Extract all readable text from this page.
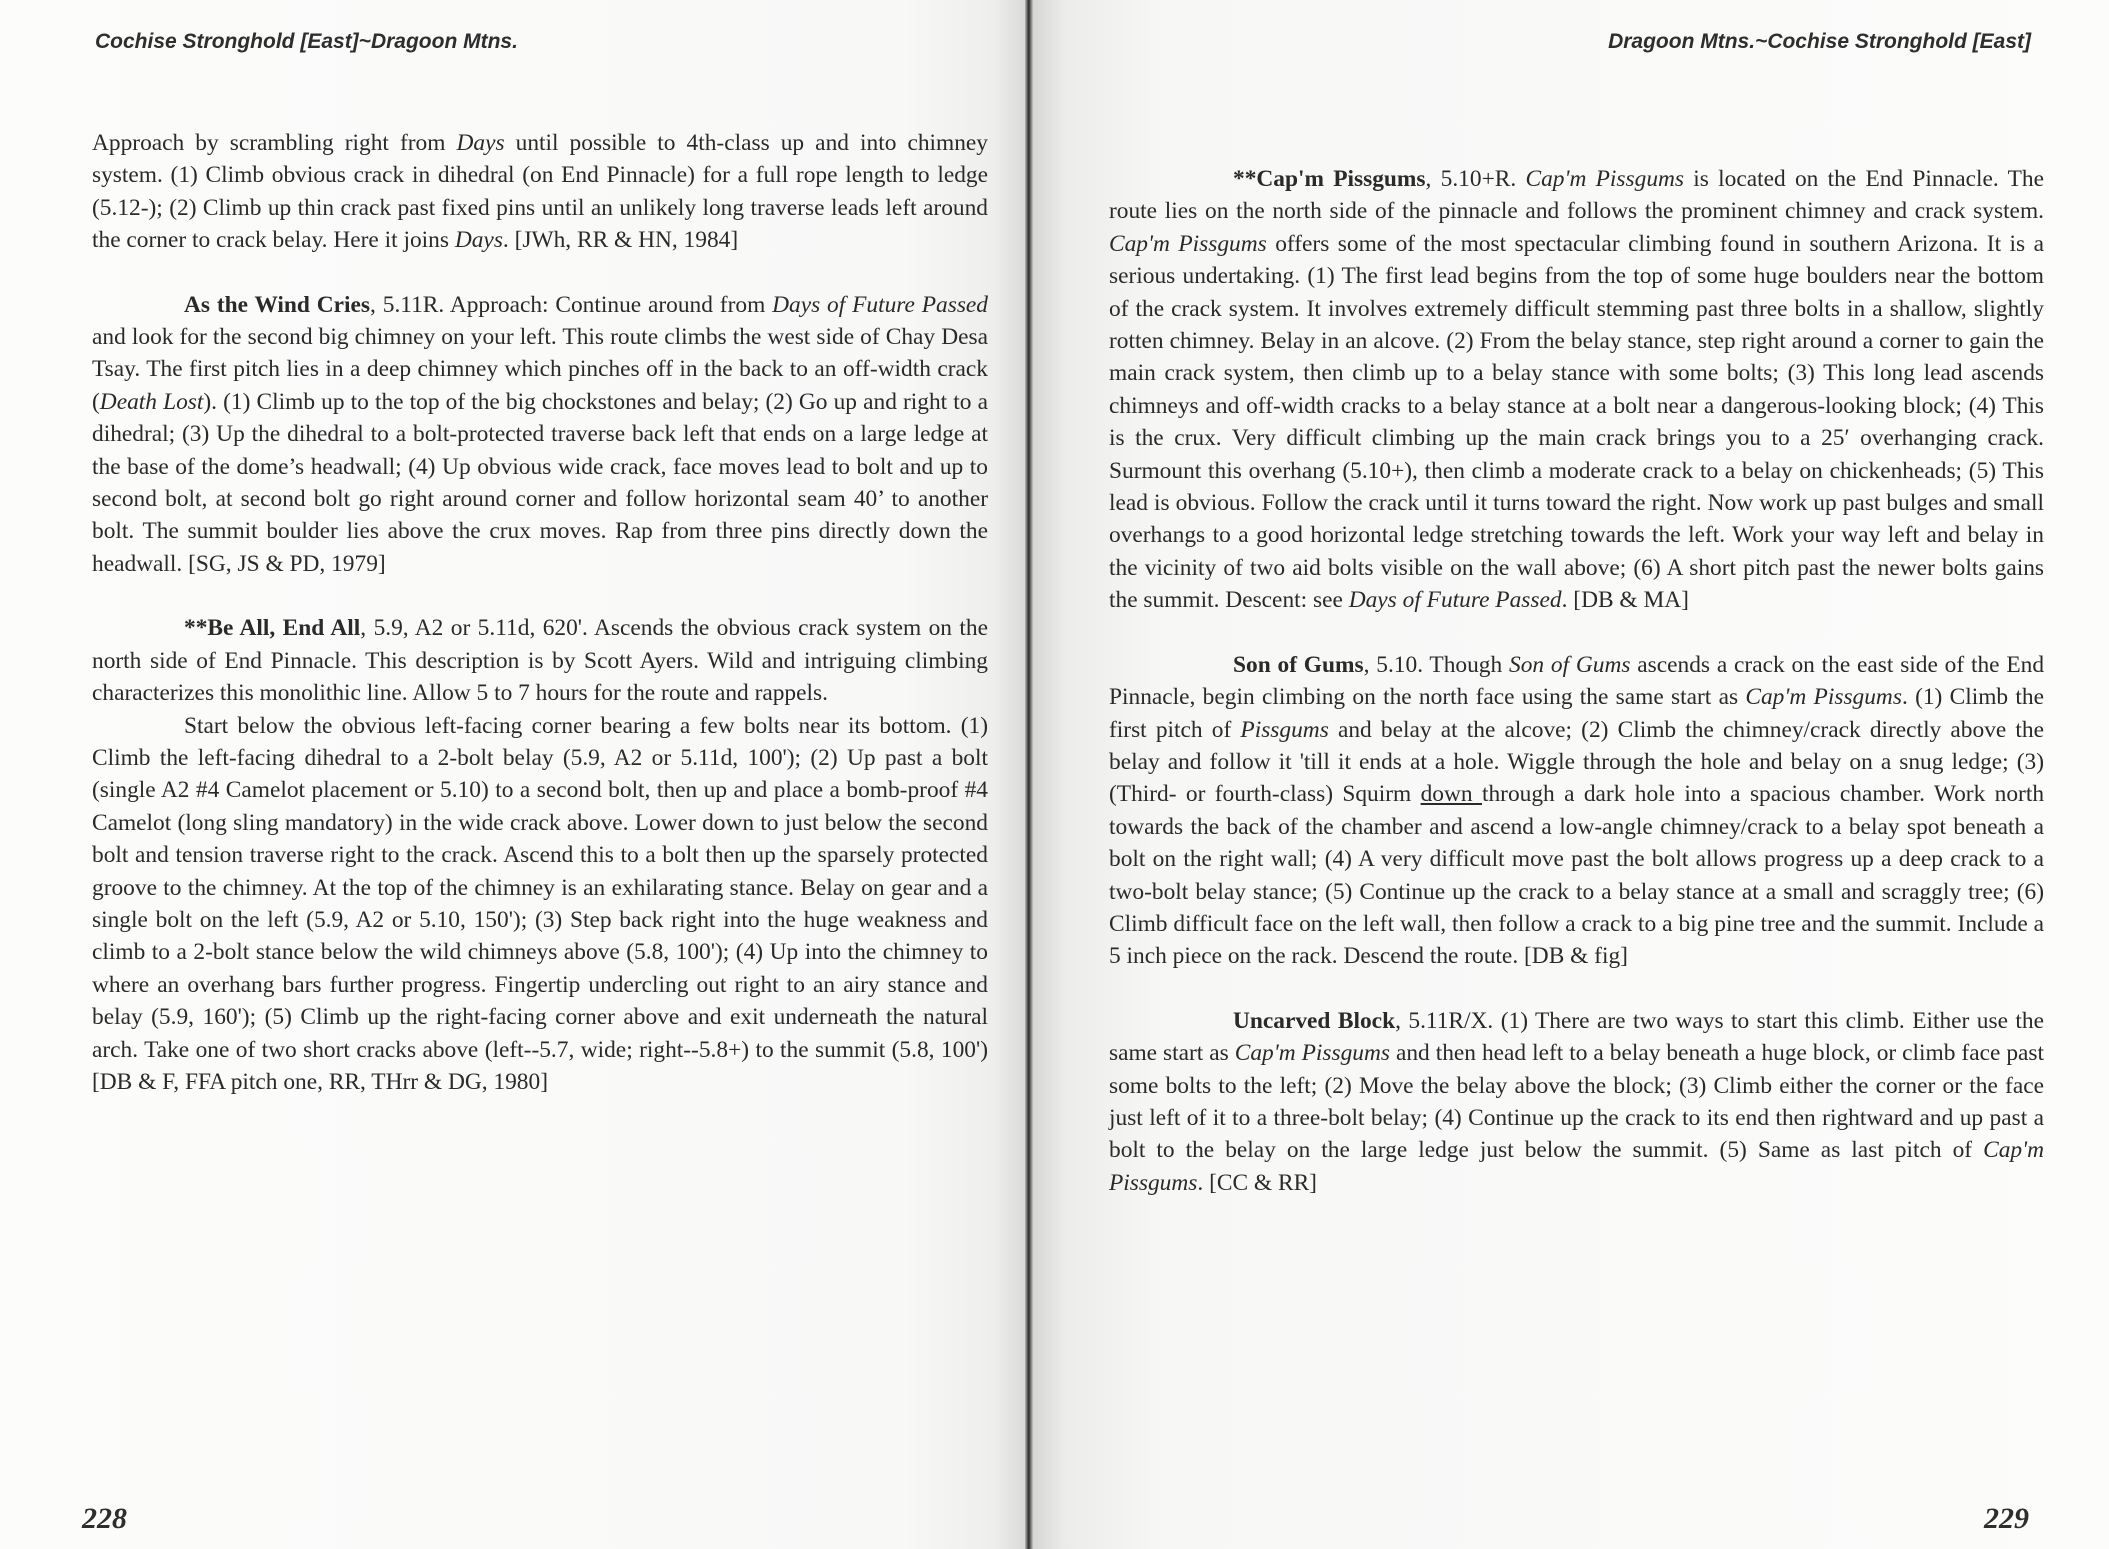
Cochise Stronghold [East]~Dragoon Mtns.

Approach by scrambling right from Days until possible to 4th-class up and into chimney system. (1) Climb obvious crack in dihedral (on End Pinnacle) for a full rope length to ledge (5.12-); (2) Climb up thin crack past fixed pins until an unlikely long traverse leads left around the corner to crack belay. Here it joins Days. [JWh, RR & HN, 1984]

As the Wind Cries, 5.11R. Approach: Continue around from Days of Future Passed and look for the second big chimney on your left. This route climbs the west side of Chay Desa Tsay. The first pitch lies in a deep chimney which pinches off in the back to an off-width crack (Death Lost). (1) Climb up to the top of the big chockstones and belay; (2) Go up and right to a dihedral; (3) Up the dihedral to a bolt-protected traverse back left that ends on a large ledge at the base of the dome’s headwall; (4) Up obvious wide crack, face moves lead to bolt and up to second bolt, at second bolt go right around corner and follow horizontal seam 40’ to another bolt. The summit boulder lies above the crux moves. Rap from three pins directly down the headwall. [SG, JS & PD, 1979]

**Be All, End All, 5.9, A2 or 5.11d, 620'. Ascends the obvious crack system on the north side of End Pinnacle. This description is by Scott Ayers. Wild and intriguing climbing characterizes this monolithic line. Allow 5 to 7 hours for the route and rappels.

Start below the obvious left-facing corner bearing a few bolts near its bottom. (1) Climb the left-facing dihedral to a 2-bolt belay (5.9, A2 or 5.11d, 100'); (2) Up past a bolt (single A2 #4 Camelot placement or 5.10) to a second bolt, then up and place a bomb-proof #4 Camelot (long sling mandatory) in the wide crack above. Lower down to just below the second bolt and tension traverse right to the crack. Ascend this to a bolt then up the sparsely protected groove to the chimney. At the top of the chimney is an exhilarating stance. Belay on gear and a single bolt on the left (5.9, A2 or 5.10, 150'); (3) Step back right into the huge weakness and climb to a 2-bolt stance below the wild chimneys above (5.8, 100'); (4) Up into the chimney to where an overhang bars further progress. Fingertip undercling out right to an airy stance and belay (5.9, 160'); (5) Climb up the right-facing corner above and exit underneath the natural arch. Take one of two short cracks above (left--5.7, wide; right--5.8+) to the summit (5.8, 100') [DB & F, FFA pitch one, RR, THrr & DG, 1980]

228
Dragoon Mtns.~Cochise Stronghold [East]

**Cap'm Pissgums, 5.10+R. Cap'm Pissgums is located on the End Pinnacle. The route lies on the north side of the pinnacle and follows the prominent chimney and crack system. Cap'm Pissgums offers some of the most spectacular climbing found in southern Arizona. It is a serious undertaking. (1) The first lead begins from the top of some huge boulders near the bottom of the crack system. It involves extremely difficult stemming past three bolts in a shallow, slightly rotten chimney. Belay in an alcove. (2) From the belay stance, step right around a corner to gain the main crack system, then climb up to a belay stance with some bolts; (3) This long lead ascends chimneys and off-width cracks to a belay stance at a bolt near a dangerous-looking block; (4) This is the crux. Very difficult climbing up the main crack brings you to a 25′ overhanging crack. Surmount this overhang (5.10+), then climb a moderate crack to a belay on chickenheads; (5) This lead is obvious. Follow the crack until it turns toward the right. Now work up past bulges and small overhangs to a good horizontal ledge stretching towards the left. Work your way left and belay in the vicinity of two aid bolts visible on the wall above; (6) A short pitch past the newer bolts gains the summit. Descent: see Days of Future Passed. [DB & MA]

Son of Gums, 5.10. Though Son of Gums ascends a crack on the east side of the End Pinnacle, begin climbing on the north face using the same start as Cap'm Pissgums. (1) Climb the first pitch of Pissgums and belay at the alcove; (2) Climb the chimney/crack directly above the belay and follow it 'till it ends at a hole. Wiggle through the hole and belay on a snug ledge; (3) (Third- or fourth-class) Squirm down through a dark hole into a spacious chamber. Work north towards the back of the chamber and ascend a low-angle chimney/crack to a belay spot beneath a bolt on the right wall; (4) A very difficult move past the bolt allows progress up a deep crack to a two-bolt belay stance; (5) Continue up the crack to a belay stance at a small and scraggly tree; (6) Climb difficult face on the left wall, then follow a crack to a big pine tree and the summit. Include a 5 inch piece on the rack. Descend the route. [DB & fig]

Uncarved Block, 5.11R/X. (1) There are two ways to start this climb. Either use the same start as Cap'm Pissgums and then head left to a belay beneath a huge block, or climb face past some bolts to the left; (2) Move the belay above the block; (3) Climb either the corner or the face just left of it to a three-bolt belay; (4) Continue up the crack to its end then rightward and up past a bolt to the belay on the large ledge just below the summit. (5) Same as last pitch of Cap'm Pissgums. [CC & RR]

229
